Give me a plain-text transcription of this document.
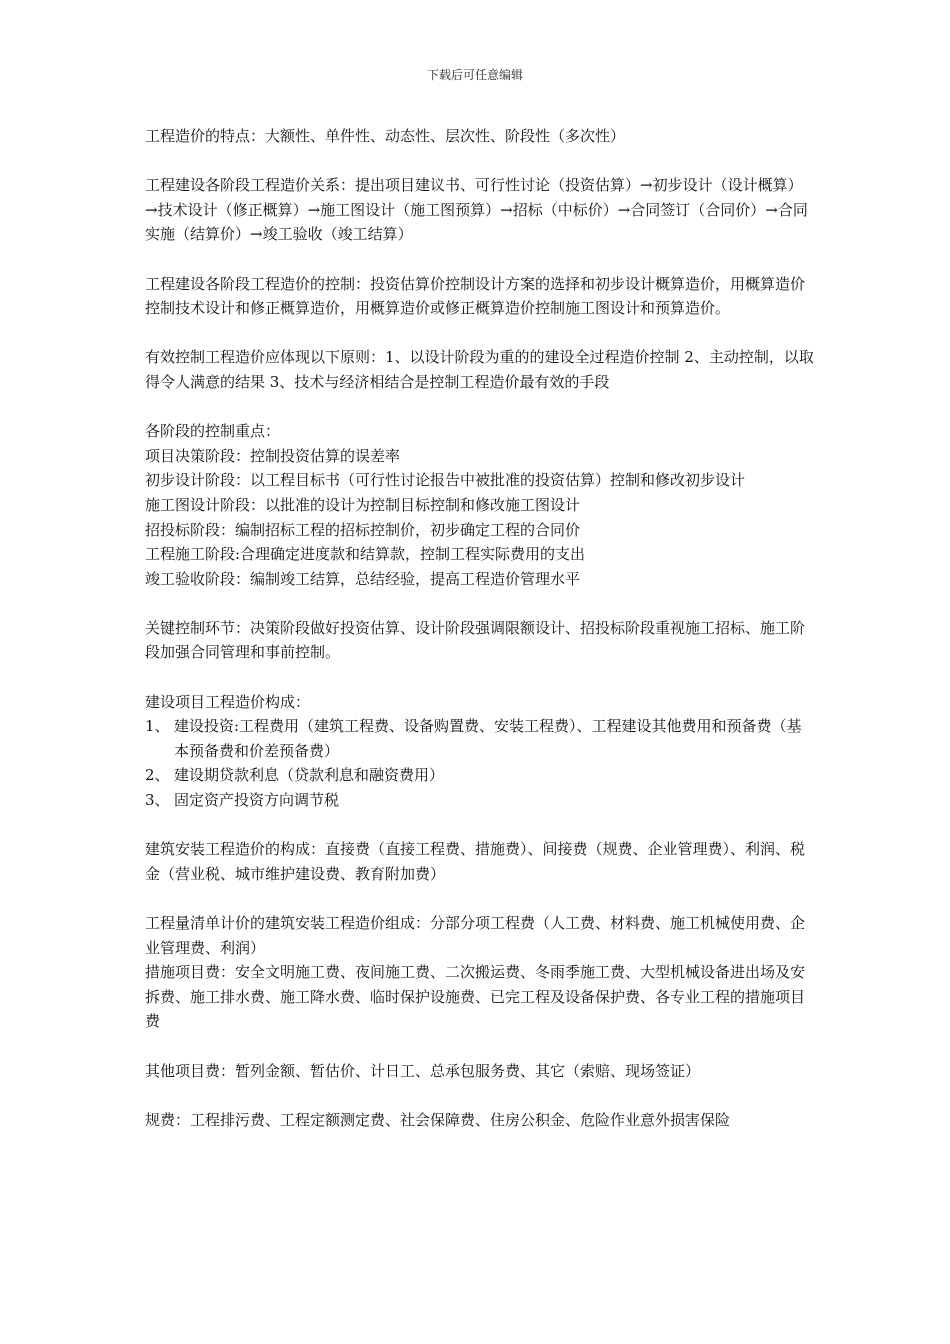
下载后可任意编辑

工程造价的特点：大额性、单件性、动态性、层次性、阶段性（多次性）

工程建设各阶段工程造价关系：提出项目建议书、可行性讨论（投资估算）→初步设计（设计概算）→技术设计（修正概算）→施工图设计（施工图预算）→招标（中标价）→合同签订（合同价）→合同实施（结算价）→竣工验收（竣工结算）

工程建设各阶段工程造价的控制：投资估算价控制设计方案的选择和初步设计概算造价，用概算造价控制技术设计和修正概算造价，用概算造价或修正概算造价控制施工图设计和预算造价。

有效控制工程造价应体现以下原则：1、以设计阶段为重的的建设全过程造价控制 2、主动控制，以取得令人满意的结果 3、技术与经济相结合是控制工程造价最有效的手段

各阶段的控制重点：

项目决策阶段：控制投资估算的误差率

初步设计阶段：以工程目标书（可行性讨论报告中被批准的投资估算）控制和修改初步设计

施工图设计阶段：以批准的设计为控制目标控制和修改施工图设计

招投标阶段：编制招标工程的招标控制价，初步确定工程的合同价

工程施工阶段:合理确定进度款和结算款，控制工程实际费用的支出

竣工验收阶段：编制竣工结算，总结经验，提高工程造价管理水平

关键控制环节：决策阶段做好投资估算、设计阶段强调限额设计、招投标阶段重视施工招标、施工阶段加强合同管理和事前控制。

建设项目工程造价构成：

1、 建设投资:工程费用（建筑工程费、设备购置费、安装工程费）、工程建设其他费用和预备费（基本预备费和价差预备费）
2、 建设期贷款利息（贷款利息和融资费用）
3、 固定资产投资方向调节税

建筑安装工程造价的构成：直接费（直接工程费、措施费）、间接费（规费、企业管理费）、利润、税金（营业税、城市维护建设费、教育附加费）

工程量清单计价的建筑安装工程造价组成：分部分项工程费（人工费、材料费、施工机械使用费、企业管理费、利润）

措施项目费：安全文明施工费、夜间施工费、二次搬运费、冬雨季施工费、大型机械设备进出场及安拆费、施工排水费、施工降水费、临时保护设施费、已完工程及设备保护费、各专业工程的措施项目费

其他项目费：暂列金额、暂估价、计日工、总承包服务费、其它（索赔、现场签证）

规费：工程排污费、工程定额测定费、社会保障费、住房公积金、危险作业意外损害保险
